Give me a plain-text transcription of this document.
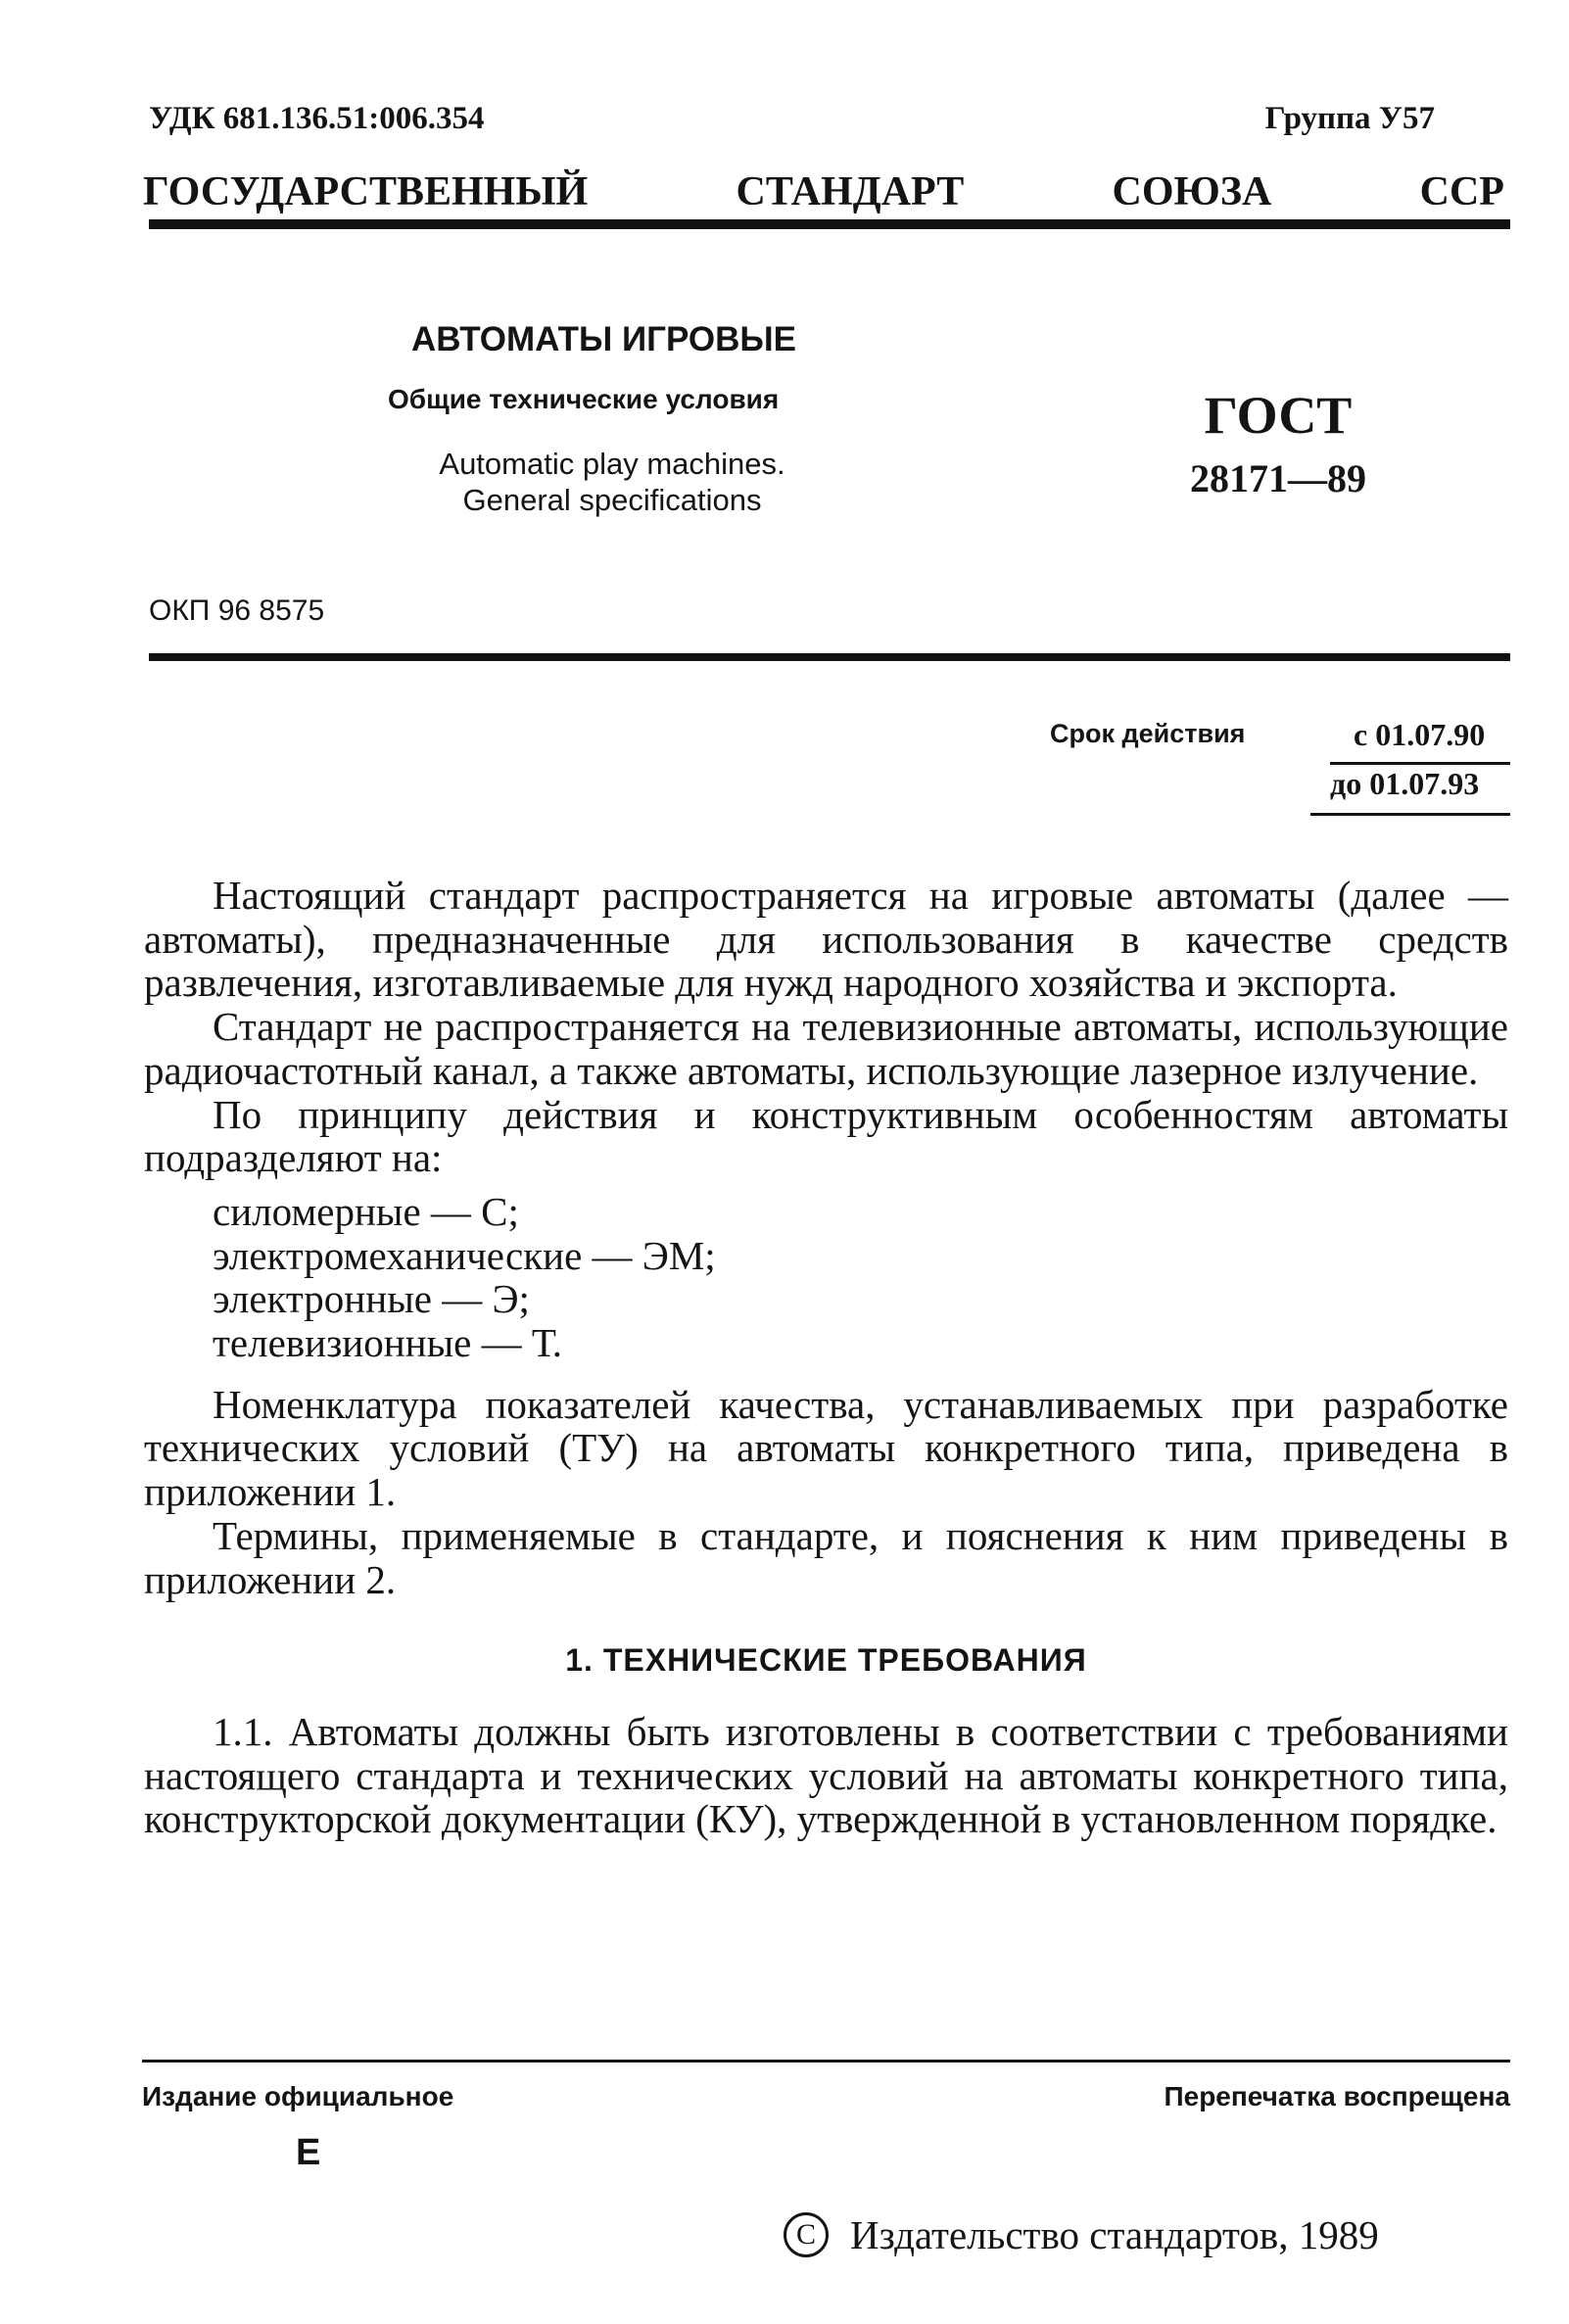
УДК 681.136.51:006.354	Группа У57
ГОСУДАРСТВЕННЫЙ	СТАНДАРТ	СОЮЗА	ССР
АВТОМАТЫ ИГРОВЫЕ
Общие технические условия
Automatic play machines.
General specifications
ГОСТ
28171—89
ОКП 96 8575
Срок действия	с 01.07.90
до 01.07.93

Настоящий стандарт распространяется на игровые автоматы (далее — автоматы), предназначенные для использования в качестве средств развлечения, изготавливаемые для нужд народного хозяйства и экспорта.

Стандарт не распространяется на телевизионные автоматы, использующие радиочастотный канал, а также автоматы, использующие лазерное излучение.

По принципу действия и конструктивным особенностям автоматы подразделяют на:

силомерные — С;
электромеханические — ЭМ;
электронные — Э;
телевизионные — Т.

Номенклатура показателей качества, устанавливаемых при разработке технических условий (ТУ) на автоматы конкретного типа, приведена в приложении 1.

Термины, применяемые в стандарте, и пояснения к ним приведены в приложении 2.

1. ТЕХНИЧЕСКИЕ ТРЕБОВАНИЯ

1.1. Автоматы должны быть изготовлены в соответствии с требованиями настоящего стандарта и технических условий на автоматы конкретного типа, конструкторской документации (КУ), утвержденной в установленном порядке.

Издание официальное	Перепечатка воспрещена
Е
C Издательство стандартов, 1989
